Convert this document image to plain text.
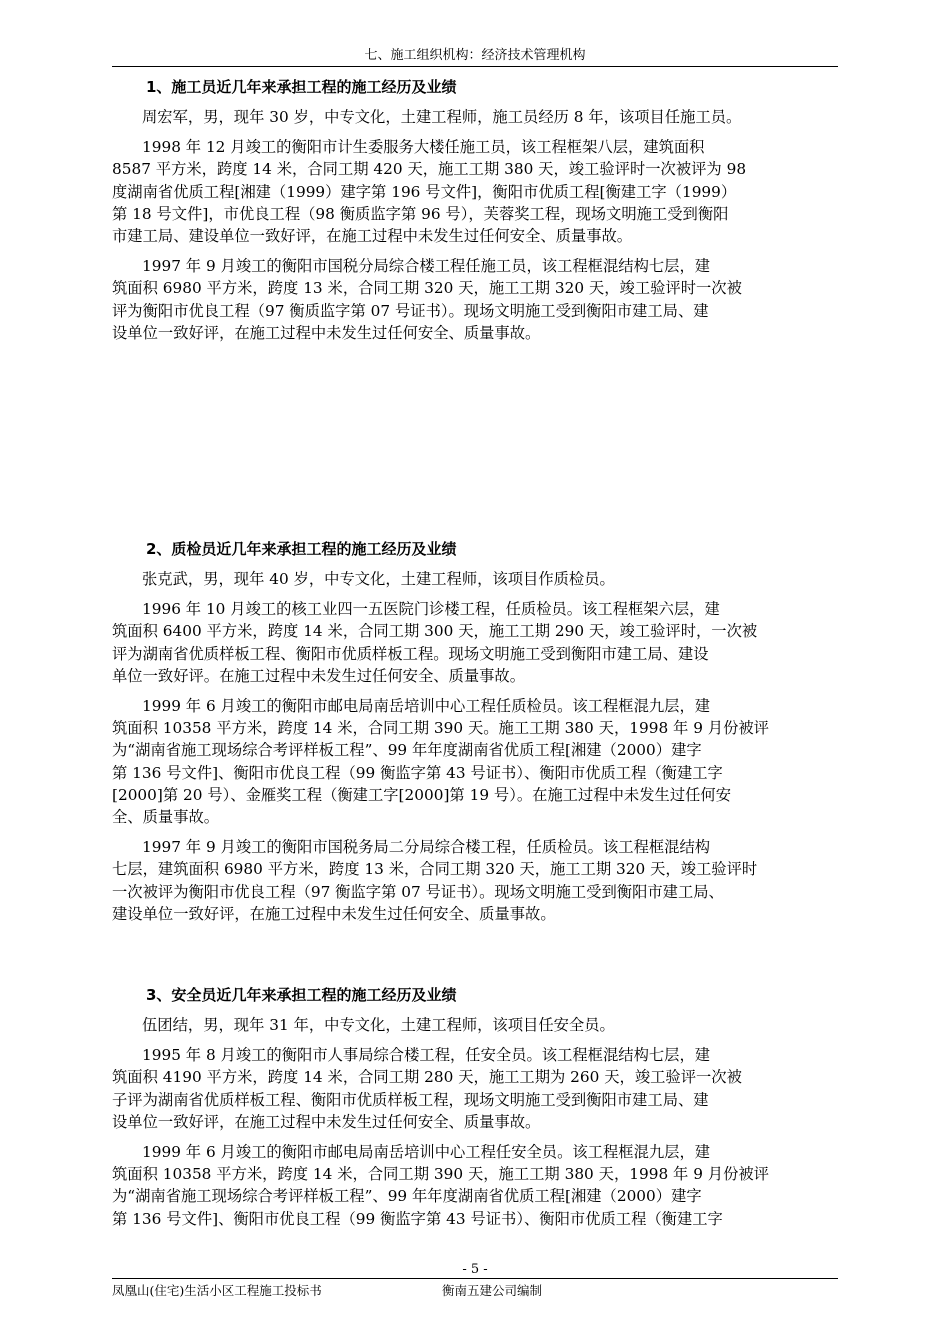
七、施工组织机构：经济技术管理机构
1、施工员近几年来承担工程的施工经历及业绩
周宏军，男，现年 30 岁，中专文化，土建工程师，施工员经历 8 年，该项目任施工员。
1998 年 12 月竣工的衡阳市计生委服务大楼任施工员，该工程框架八层，建筑面积
8587 平方米，跨度 14 米，合同工期 420 天，施工工期 380 天，竣工验评时一次被评为 98
度湖南省优质工程[湘建（1999）建字第 196 号文件]，衡阳市优质工程[衡建工字（1999）
第 18 号文件]，市优良工程（98 衡质监字第 96 号），芙蓉奖工程，现场文明施工受到衡阳
市建工局、建设单位一致好评，在施工过程中未发生过任何安全、质量事故。
1997 年 9 月竣工的衡阳市国税分局综合楼工程任施工员，该工程框混结构七层，建
筑面积 6980 平方米，跨度 13 米，合同工期 320 天，施工工期 320 天，竣工验评时一次被
评为衡阳市优良工程（97 衡质监字第 07 号证书）。现场文明施工受到衡阳市建工局、建
设单位一致好评，在施工过程中未发生过任何安全、质量事故。
2、质检员近几年来承担工程的施工经历及业绩
张克武，男，现年 40 岁，中专文化，土建工程师，该项目作质检员。
1996 年 10 月竣工的核工业四一五医院门诊楼工程，任质检员。该工程框架六层，建
筑面积 6400 平方米，跨度 14 米，合同工期 300 天，施工工期 290 天，竣工验评时，一次被
评为湖南省优质样板工程、衡阳市优质样板工程。现场文明施工受到衡阳市建工局、建设
单位一致好评。在施工过程中未发生过任何安全、质量事故。
1999 年 6 月竣工的衡阳市邮电局南岳培训中心工程任质检员。该工程框混九层，建
筑面积 10358 平方米，跨度 14 米，合同工期 390 天。施工工期 380 天，1998 年 9 月份被评
为“湖南省施工现场综合考评样板工程”、99 年年度湖南省优质工程[湘建（2000）建字
第 136 号文件]、衡阳市优良工程（99 衡监字第 43 号证书）、衡阳市优质工程（衡建工字
[2000]第 20 号）、金雁奖工程（衡建工字[2000]第 19 号）。在施工过程中未发生过任何安
全、质量事故。
1997 年 9 月竣工的衡阳市国税务局二分局综合楼工程，任质检员。该工程框混结构
七层，建筑面积 6980 平方米，跨度 13 米，合同工期 320 天，施工工期 320 天，竣工验评时
一次被评为衡阳市优良工程（97 衡监字第 07 号证书）。现场文明施工受到衡阳市建工局、
建设单位一致好评，在施工过程中未发生过任何安全、质量事故。
3、安全员近几年来承担工程的施工经历及业绩
伍团结，男，现年 31 年，中专文化，土建工程师，该项目任安全员。
1995 年 8 月竣工的衡阳市人事局综合楼工程，任安全员。该工程框混结构七层，建
筑面积 4190 平方米，跨度 14 米，合同工期 280 天，施工工期为 260 天，竣工验评一次被
子评为湖南省优质样板工程、衡阳市优质样板工程，现场文明施工受到衡阳市建工局、建
设单位一致好评，在施工过程中未发生过任何安全、质量事故。
1999 年 6 月竣工的衡阳市邮电局南岳培训中心工程任安全员。该工程框混九层，建
筑面积 10358 平方米，跨度 14 米，合同工期 390 天，施工工期 380 天，1998 年 9 月份被评
为“湖南省施工现场综合考评样板工程”、99 年年度湖南省优质工程[湘建（2000）建字
第 136 号文件]、衡阳市优良工程（99 衡监字第 43 号证书）、衡阳市优质工程（衡建工字
- 5 -
凤凰山(住宅)生活小区工程施工投标书	衡南五建公司编制
